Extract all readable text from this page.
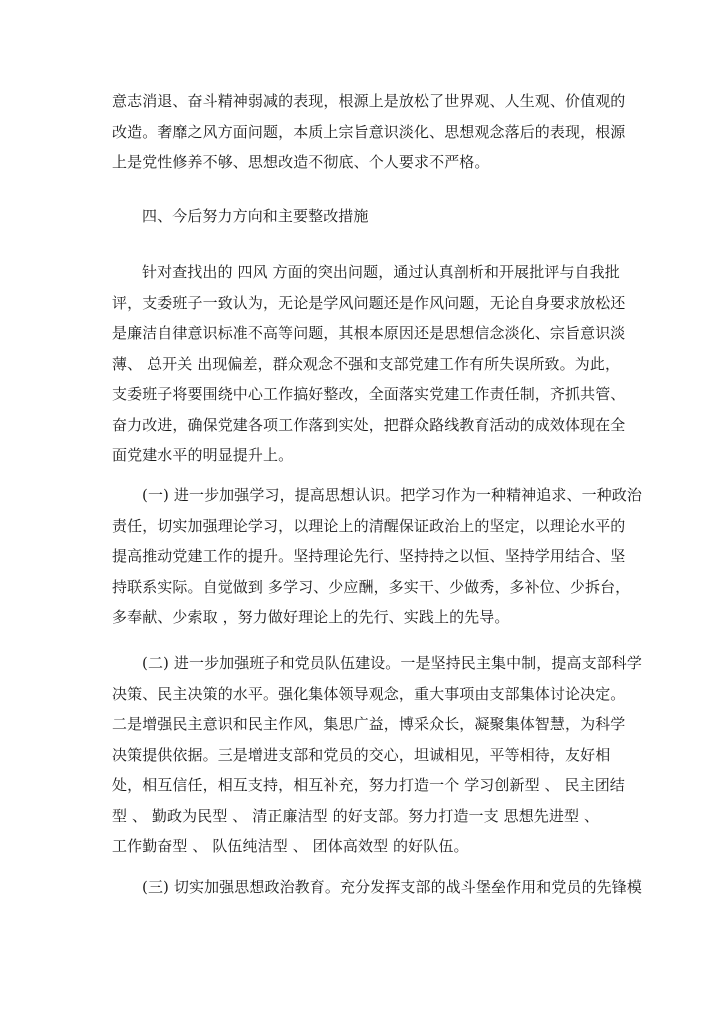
意志消退、奋斗精神弱减的表现，根源上是放松了世界观、人生观、价值观的
改造。奢靡之风方面问题，本质上宗旨意识淡化、思想观念落后的表现，根源
上是党性修养不够、思想改造不彻底、个人要求不严格。
四、今后努力方向和主要整改措施
针对查找出的 四风 方面的突出问题，通过认真剖析和开展批评与自我批
评，支委班子一致认为，无论是学风问题还是作风问题，无论自身要求放松还
是廉洁自律意识标准不高等问题，其根本原因还是思想信念淡化、宗旨意识淡
薄、 总开关 出现偏差，群众观念不强和支部党建工作有所失误所致。为此，
支委班子将要围绕中心工作搞好整改，全面落实党建工作责任制，齐抓共管、
奋力改进，确保党建各项工作落到实处，把群众路线教育活动的成效体现在全
面党建水平的明显提升上。
(一) 进一步加强学习，提高思想认识。把学习作为一种精神追求、一种政治
责任，切实加强理论学习，以理论上的清醒保证政治上的坚定，以理论水平的
提高推动党建工作的提升。坚持理论先行、坚持持之以恒、坚持学用结合、坚
持联系实际。自觉做到 多学习、少应酬，多实干、少做秀，多补位、少拆台，
多奉献、少索取 ，努力做好理论上的先行、实践上的先导。
(二) 进一步加强班子和党员队伍建设。一是坚持民主集中制，提高支部科学
决策、民主决策的水平。强化集体领导观念，重大事项由支部集体讨论决定。
二是增强民主意识和民主作风，集思广益，博采众长，凝聚集体智慧，为科学
决策提供依据。三是增进支部和党员的交心，坦诚相见，平等相待，友好相
处，相互信任，相互支持，相互补充，努力打造一个 学习创新型 、 民主团结
型 、 勤政为民型 、 清正廉洁型 的好支部。努力打造一支 思想先进型 、
工作勤奋型 、 队伍纯洁型 、 团体高效型 的好队伍。
(三) 切实加强思想政治教育。充分发挥支部的战斗堡垒作用和党员的先锋模
